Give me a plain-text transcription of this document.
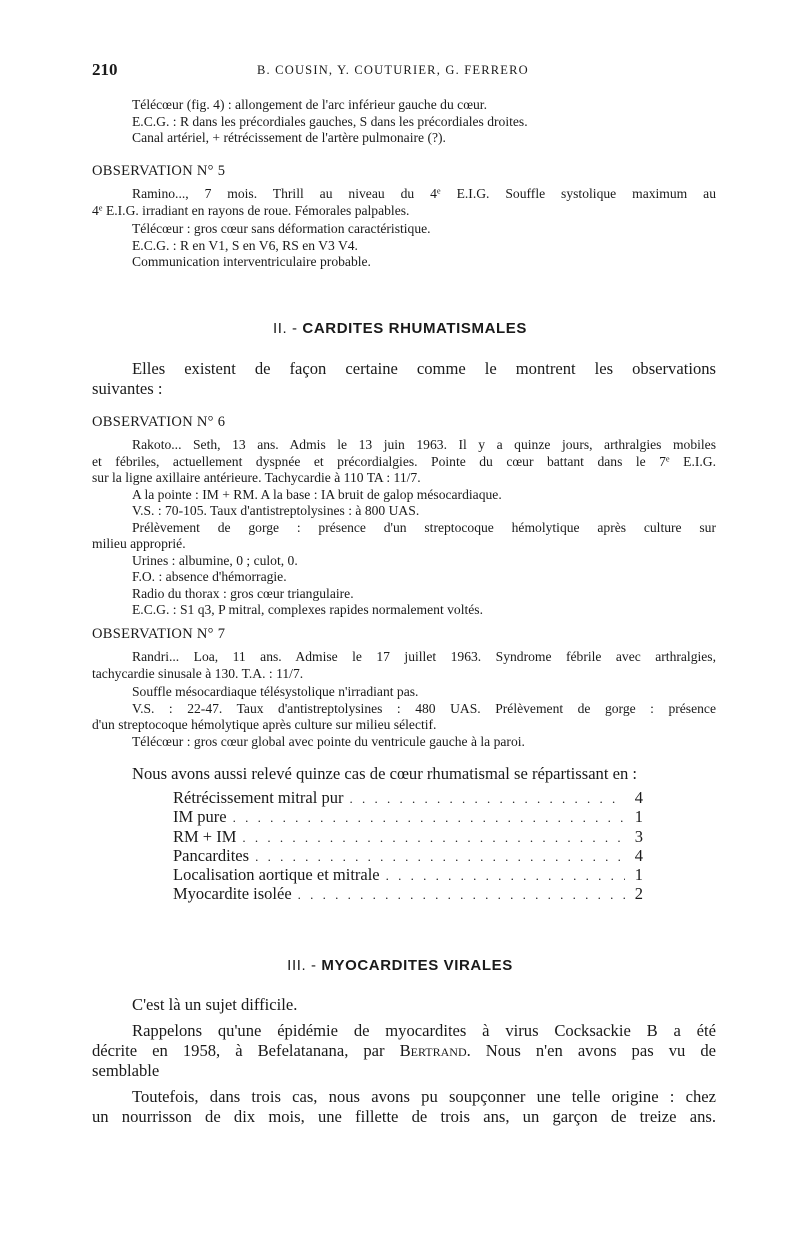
210	B. COUSIN, Y. COUTURIER, G. FERRERO
Télécœur (fig. 4) : allongement de l'arc inférieur gauche du cœur.
E.C.G. : R dans les précordiales gauches, S dans les précordiales droites.
Canal artériel, + rétrécissement de l'artère pulmonaire (?).
OBSERVATION N° 5
Ramino..., 7 mois. Thrill au niveau du 4e E.I.G. Souffle systolique maximum au
4e E.I.G. irradiant en rayons de roue. Fémorales palpables.
Télécœur : gros cœur sans déformation caractéristique.
E.C.G. : R en V1, S en V6, RS en V3 V4.
Communication interventriculaire probable.
II. - CARDITES RHUMATISMALES
Elles existent de façon certaine comme le montrent les observations
suivantes :
OBSERVATION N° 6
Rakoto... Seth, 13 ans. Admis le 13 juin 1963. Il y a quinze jours, arthralgies mobiles
et fébriles, actuellement dyspnée et précordialgies. Pointe du cœur battant dans le 7e E.I.G.
sur la ligne axillaire antérieure. Tachycardie à 110 TA : 11/7.
A la pointe : IM + RM. A la base : IA bruit de galop mésocardiaque.
V.S. : 70-105. Taux d'antistreptolysines : à 800 UAS.
Prélèvement de gorge : présence d'un streptocoque hémolytique après culture sur
milieu approprié.
Urines : albumine, 0 ; culot, 0.
F.O. : absence d'hémorragie.
Radio du thorax : gros cœur triangulaire.
E.C.G. : S1 q3, P mitral, complexes rapides normalement voltés.
OBSERVATION N° 7
Randri... Loa, 11 ans. Admise le 17 juillet 1963. Syndrome fébrile avec arthralgies,
tachycardie sinusale à 130. T.A. : 11/7.
Souffle mésocardiaque télésystolique n'irradiant pas.
V.S. : 22-47. Taux d'antistreptolysines : 480 UAS. Prélèvement de gorge : présence
d'un streptocoque hémolytique après culture sur milieu sélectif.
Télécœur : gros cœur global avec pointe du ventricule gauche à la paroi.
Nous avons aussi relevé quinze cas de cœur rhumatismal se répartissant en :
Rétrécissement mitral pur . . .	4
IM pure . . .	1
RM + IM . . .	3
Pancardites . . .	4
Localisation aortique et mitrale . . .	1
Myocardite isolée . . .	2
III. - MYOCARDITES VIRALES
C'est là un sujet difficile.
Rappelons qu'une épidémie de myocardites à virus Cocksackie B a été
décrite en 1958, à Befelatanana, par Bertrand. Nous n'en avons pas vu de
semblable
Toutefois, dans trois cas, nous avons pu soupçonner une telle origine : chez
un nourrisson de dix mois, une fillette de trois ans, un garçon de treize ans.
